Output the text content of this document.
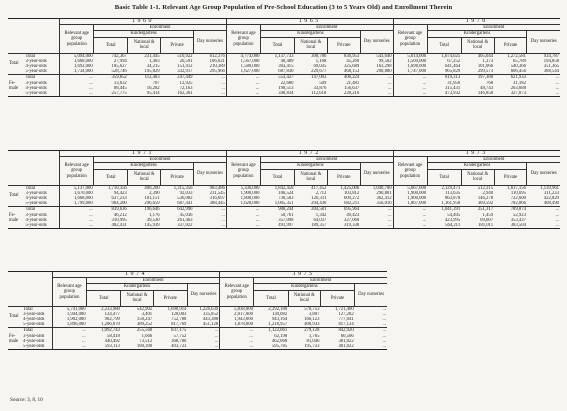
Basic Table 1-1. Relevant Age Group Population of Pre-School Education (3 to 5 Years Old) and Enrollment Therein
		1960					1965					1970				
		Relevant age group population	Enrollment				Relevant age group population	Enrollment				Relevant age group population	Enrollment			
			Kindergartens			Day nurseries		Kindergartens			Day nurseries		Kindergartens			Day nurseries
			Total	National & local	Private			Total	National & local	Private			Total	National & local	Private	
Total	Total	5,094,000	742,367	231,445	510,922	612,376	4,774,000	1,137,733	300,780	836,953	543,640	5,014,000	1,674,625	405,044	1,272,581	934,787
	3-year-olds	1,668,000	27,994	1,403	26,591	106,021	1,567,000	40,489	1,168	45,269	99,502	1,569,000	67,252	1,373	65,789	194,858
	4-year-olds	1,692,000	185,627	34,215	151,412	210,389	1,580,000	303,415	69,035	325,689	163,298	1,698,000	641,464	101,066	540,366	351,365
	5-year-olds	1,734,000	528,746	195,829	332,917	295,966	1,627,000	687,830	229,677	468,153	290,880	1,747,000	965,829	299,573	666,456	388,544
Fe-male	Total	...	359,852	112,403	247,449	...	...	553,427	147,003	406,224	...	...	819,313	197,380	621,933	...
	3-year-olds	...	13,632	707	12,925	...	...	22,680	509	21,481	...	...	31,950	768	31,182	...
	4-year-olds	...	88,445	16,282	72,163	...	...	190,513	33,876	156,637	...	...	315,431	48,743	263,688	...
	5-year-olds	...	257,775	95,414	162,361	...	...	340,834	112,618	228,216	...	...	473,932	146,858	327,073	...
		1971					1972					1973				
		Relevant age group population	Enrollment				Relevant age group population	Enrollment				Relevant age group population	Enrollment			
			Kindergartens			Day nurseries		Kindergartens			Day nurseries		Kindergartens			Day nurseries
			Total	National & local	Private			Total	National & local	Private			Total	National & local	Private	
Total	Total	5,137,000	1,710,356	400,200	1,315,356	983,486	5,336,000	1,842,458	417,452	1,425,006	1,040,700	5,667,000	2,129,471	512,315	1,617,156	1,139,961
	3-year-olds	1,670,000	94,423	2,390	92,033	231,545	1,900,000	106,524	2,712	103,812	290,801	1,900,000	113,635	2,940	110,695	311,233
	4-year-olds	1,668,000	637,233	101,151	536,082	316,697	1,808,000	730,583	120,311	609,272	362,412	1,900,000	863,878	146,278	722,600	422,829
	5-year-olds	1,799,000	984,200	296,659	687,441	388,445	1,628,000	1,005,351	294,430	682,211	356,016	1,867,000	1,161,958	369,592	782,866	408,490
Fe-male	Total	...	839,636	196,646	642,990	...	...	900,244	204,581	695,964	...	...	1,041,391	251,317	789,874	...
	3-year-olds	...	46,212	1,176	45,036	...	...	50,761	1,342	49,423	...	...	54,405	1,459	52,923	...
	4-year-olds	...	310,995	49,530	261,463	...	...	357,098	64,037	327,060	...	...	423,995	69,607	353,437	...
	5-year-olds	...	482,431	145,939	337,022	...	...	491,997	189,357	319,338	...	...	564,211	181,011	383,504	...
		1974					1975				
		Relevant age group population	Enrollment				Relevant age group population	Enrollment			
			Kindergartens			Day nurseries		Kindergartens			Day nurseries
			Total	National & local	Private			Total	National & local	Private	
Total	Total	5,741,000	2,233,980	542,902	1,690,914	1,226,639	5,838,000	2,292,180	570,753	1,721,400	...
	3-year-olds	1,944,000	124,477	3,401	120,003	335,852	2,017,000	130,082	3,807	127,282	...
	4-year-olds	1,902,000	902,799	150,247	752,788	443,388	1,943,000	943,164	166,123	777,041	...
	5-year-olds	1,896,000	1,206,070	389,252	817,769	451,128	1,878,000	1,218,957	400,933	817,124	...
Fe-male	Total	...	1,092,743	255,568	837,175	...	...	1,122,061	279,128	842,920	...
	3-year-olds	...	58,418	1,666	57,752	...	...	62,198	1,765	60,506	...
	4-year-olds	...	440,492	73,512	368,780	...	...	462,068	81,046	381,022	...
	5-year-olds	...	593,113	180,390	403,723	...	...	595,785	195,733	401,022	...
Source: 3, 8, 10
